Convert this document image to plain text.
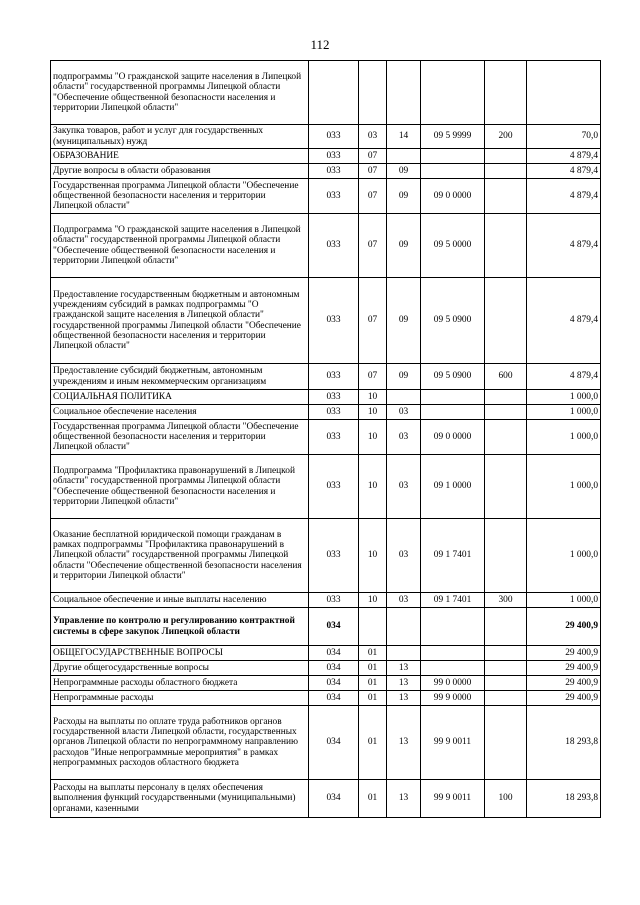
112
подпрограммы "О гражданской защите населения в Липецкой области" государственной программы Липецкой области "Обеспечение общественной безопасности населения и территории Липецкой области"						
Закупка товаров, работ и услуг для государственных (муниципальных) нужд	033	03	14	09 5 9999	200	70,0
ОБРАЗОВАНИЕ	033	07				4 879,4
Другие вопросы в области образования	033	07	09			4 879,4
Государственная программа Липецкой области "Обеспечение общественной безопасности населения и территории Липецкой области"	033	07	09	09 0 0000		4 879,4
Подпрограмма "О гражданской защите населения в Липецкой области" государственной программы Липецкой области "Обеспечение общественной безопасности населения и территории Липецкой области"	033	07	09	09 5 0000		4 879,4
Предоставление государственным бюджетным и автономным учреждениям субсидий в рамках подпрограммы "О гражданской защите населения в Липецкой области" государственной программы Липецкой области "Обеспечение общественной безопасности населения и территории Липецкой области"	033	07	09	09 5 0900		4 879,4
Предоставление субсидий бюджетным, автономным учреждениям и иным некоммерческим организациям	033	07	09	09 5 0900	600	4 879,4
СОЦИАЛЬНАЯ ПОЛИТИКА	033	10				1 000,0
Социальное обеспечение населения	033	10	03			1 000,0
Государственная программа Липецкой области "Обеспечение общественной безопасности населения и территории Липецкой области"	033	10	03	09 0 0000		1 000,0
Подпрограмма "Профилактика правонарушений в Липецкой области" государственной программы Липецкой области "Обеспечение общественной безопасности населения и территории Липецкой области"	033	10	03	09 1 0000		1 000,0
Оказание бесплатной юридической помощи гражданам в рамках подпрограммы "Профилактика правонарушений в Липецкой области" государственной программы Липецкой области "Обеспечение общественной безопасности населения и территории Липецкой области"	033	10	03	09 1 7401		1 000,0
Социальное обеспечение и иные выплаты населению	033	10	03	09 1 7401	300	1 000,0
Управление по контролю и регулированию контрактной системы в сфере закупок Липецкой области	034					29 400,9
ОБЩЕГОСУДАРСТВЕННЫЕ ВОПРОСЫ	034	01				29 400,9
Другие общегосударственные вопросы	034	01	13			29 400,9
Непрограммные расходы областного бюджета	034	01	13	99 0 0000		29 400,9
Непрограммные расходы	034	01	13	99 9 0000		29 400,9
Расходы на выплаты по оплате труда работников органов государственной власти Липецкой области, государственных органов Липецкой области по непрограммному направлению расходов "Иные непрограммные мероприятия" в рамках непрограммных расходов областного бюджета	034	01	13	99 9 0011		18 293,8
Расходы на выплаты персоналу в целях обеспечения выполнения функций государственными (муниципальными) органами, казенными	034	01	13	99 9 0011	100	18 293,8
